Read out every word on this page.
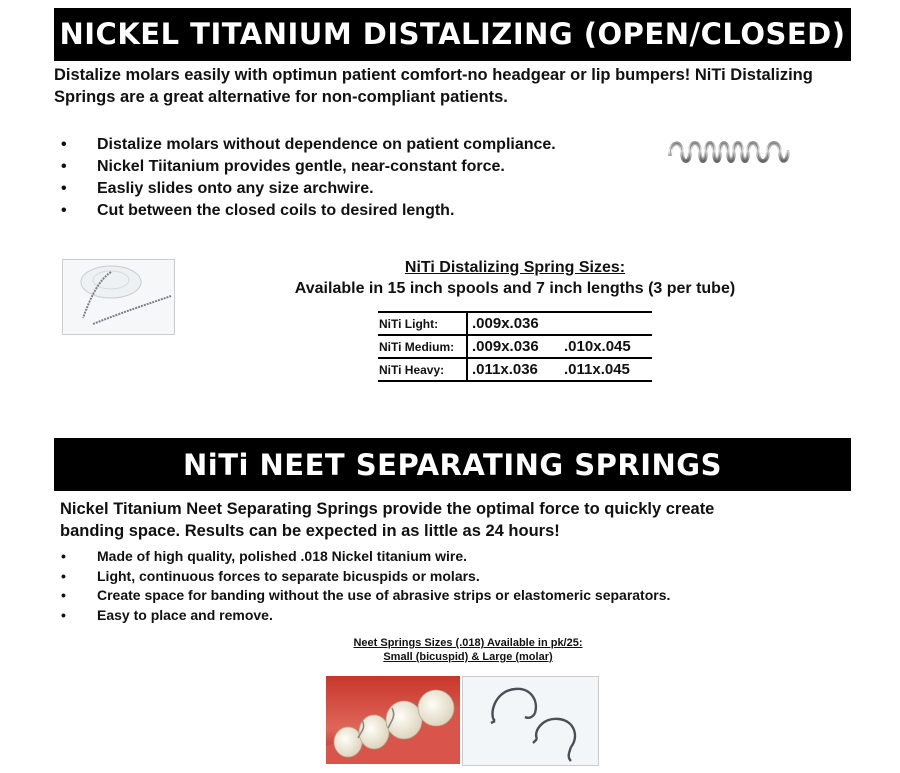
NICKEL TITANIUM DISTALIZING (OPEN/CLOSED)
Distalize molars easily with optimun patient comfort-no headgear or lip bumpers! NiTi Distalizing Springs are a great alternative for non-compliant patients.
• Distalize molars without dependence on patient compliance.
• Nickel Tiitanium provides gentle, near-constant force.
• Easliy slides onto any size archwire.
• Cut between the closed coils to desired length.
NiTi Distalizing Spring Sizes:
Available in 15 inch spools and 7 inch lengths (3 per tube)
NiTi Light:	.009x.036	
NiTi Medium:	.009x.036	.010x.045
NiTi Heavy:	.011x.036	.011x.045
NiTi NEET SEPARATING SPRINGS
Nickel Titanium Neet Separating Springs provide the optimal force to quickly create banding space. Results can be expected in as little as 24 hours!
• Made of high quality, polished .018 Nickel titanium wire.
• Light, continuous forces to separate bicuspids or molars.
• Create space for banding without the use of abrasive strips or elastomeric separators.
• Easy to place and remove.
Neet Springs Sizes (.018) Available in pk/25:
Small (bicuspid) & Large (molar)
